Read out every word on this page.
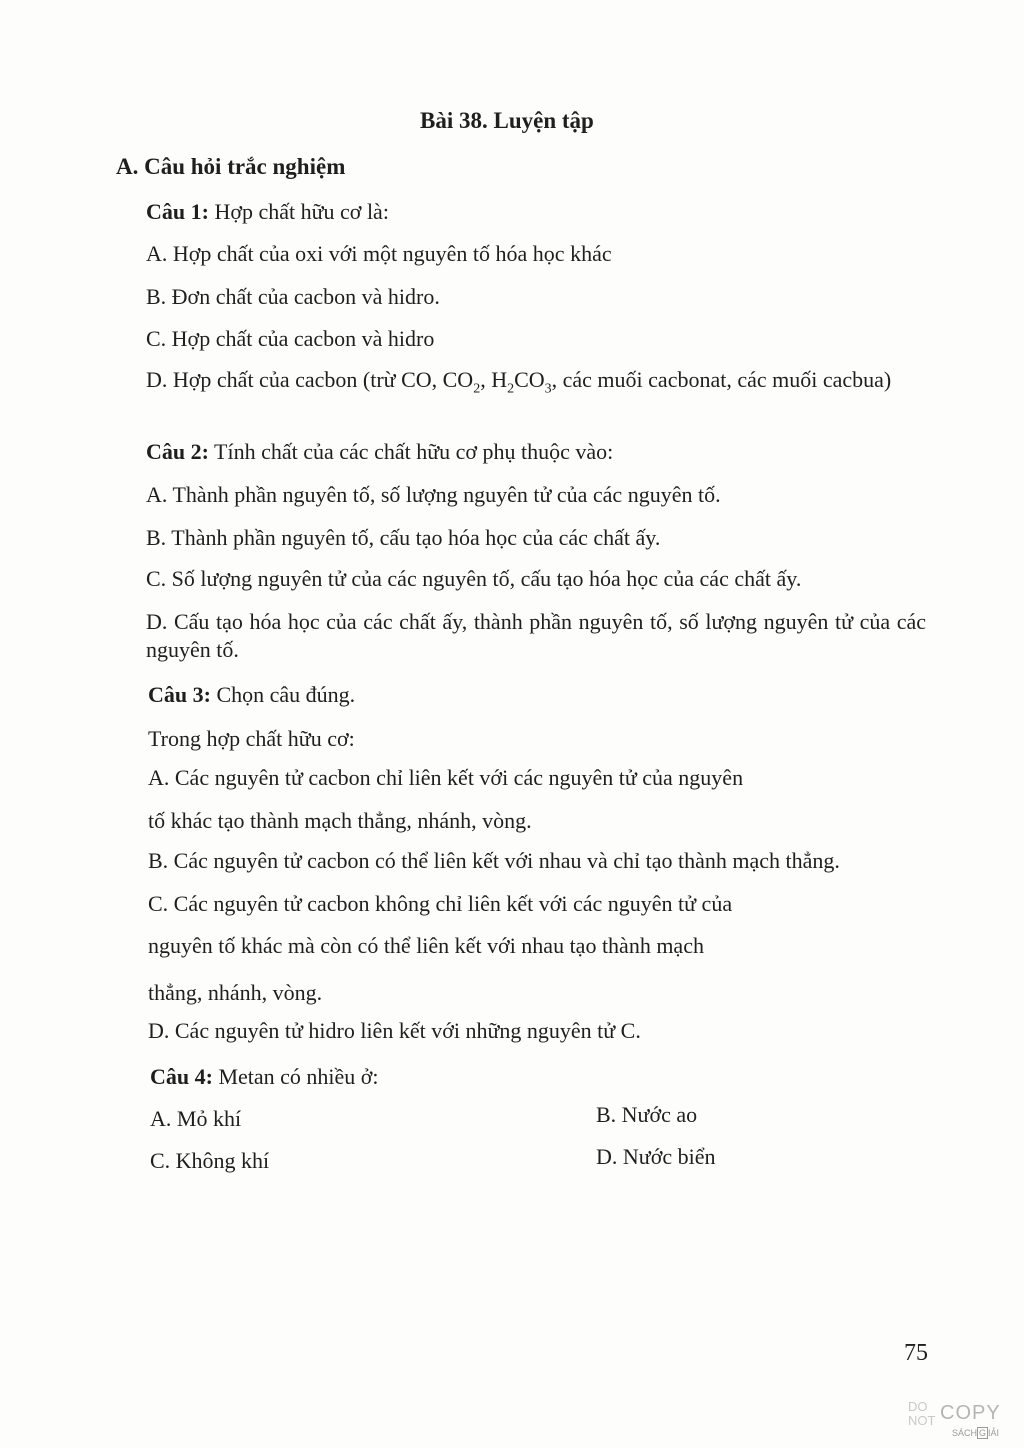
Bài 38. Luyện tập
A. Câu hỏi trắc nghiệm
Câu 1: Hợp chất hữu cơ là:
A. Hợp chất của oxi với một nguyên tố hóa học khác
B. Đơn chất của cacbon và hidro.
C. Hợp chất của cacbon và hidro
D. Hợp chất của cacbon (trừ CO, $CO_2$, $H_2CO_3$, các muối cacbonat, các muối cacbua)
Câu 2: Tính chất của các chất hữu cơ phụ thuộc vào:
A. Thành phần nguyên tố, số lượng nguyên tử của các nguyên tố.
B. Thành phần nguyên tố, cấu tạo hóa học của các chất ấy.
C. Số lượng nguyên tử của các nguyên tố, cấu tạo hóa học của các chất ấy.
D. Cấu tạo hóa học của các chất ấy, thành phần nguyên tố, số lượng nguyên tử của các nguyên tố.
Câu 3: Chọn câu đúng.
Trong hợp chất hữu cơ:
A. Các nguyên tử cacbon chỉ liên kết với các nguyên tử của nguyên
tố khác tạo thành mạch thẳng, nhánh, vòng.
B. Các nguyên tử cacbon có thể liên kết với nhau và chỉ tạo thành mạch thẳng.
C. Các nguyên tử cacbon không chỉ liên kết với các nguyên tử của
nguyên tố khác mà còn có thể liên kết với nhau tạo thành mạch
thẳng, nhánh, vòng.
D. Các nguyên tử hidro liên kết với những nguyên tử C.
Câu 4: Metan có nhiều ở:
A. Mỏ khí	B. Nước ao
C. Không khí	D. Nước biển
75
DO
NOT COPY
SÁCH G IẢI
